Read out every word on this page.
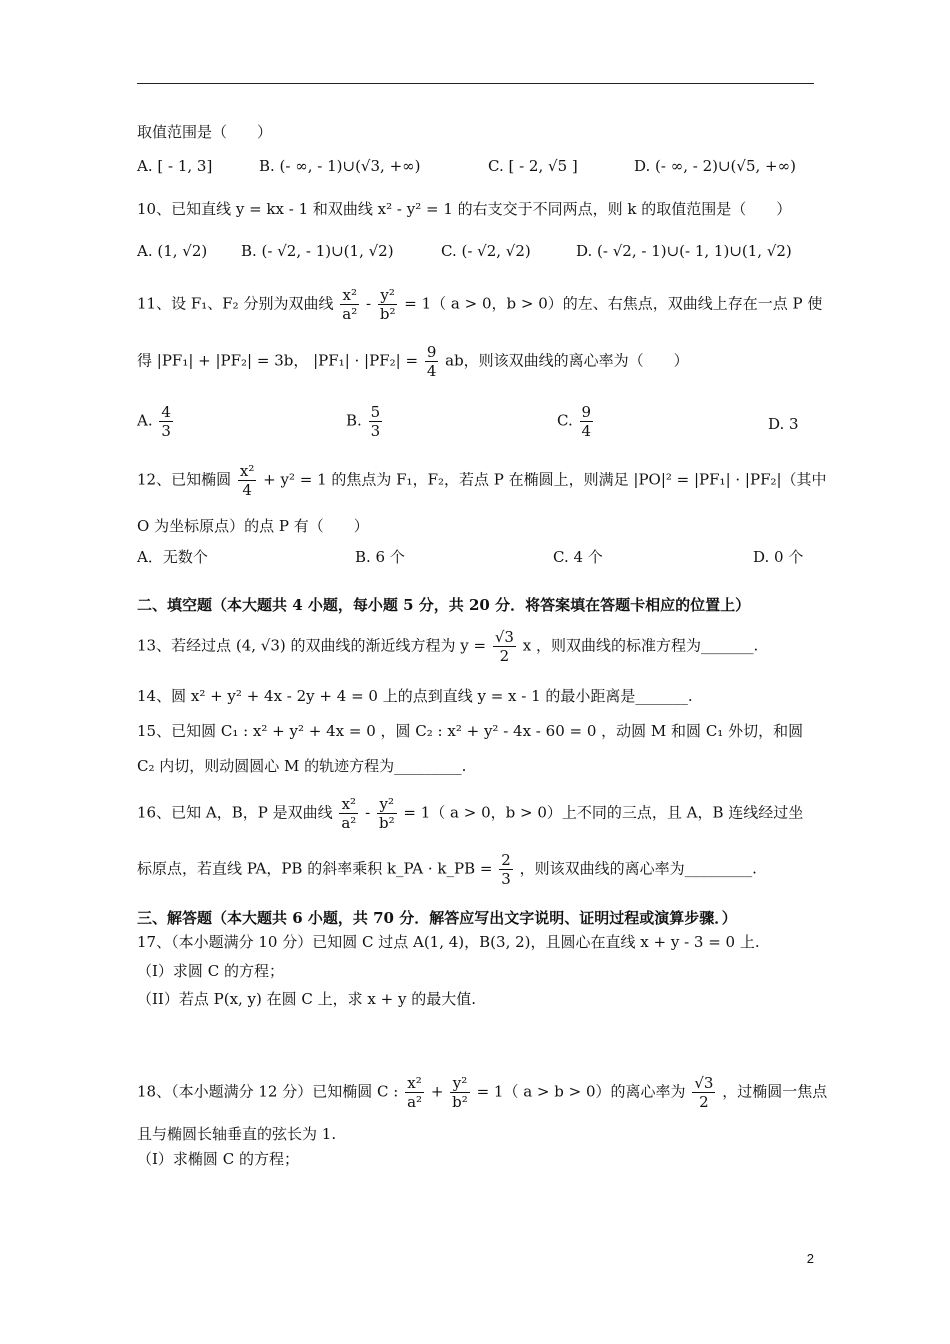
取值范围是（　　）
A. [ - 1, 3]	B. (- ∞, - 1)∪(√3, +∞)	C. [ - 2, √5 ]	D. (- ∞, - 2)∪(√5, +∞)
10、已知直线 y = kx - 1 和双曲线 x² - y² = 1 的右支交于不同两点，则 k 的取值范围是（　　）
A. (1, √2) B. (- √2, - 1)∪(1, √2)	C. (- √2, √2)	D. (- √2, - 1)∪(- 1, 1)∪(1, √2)
11、设 F₁、F₂ 分别为双曲线 $\frac{\text{x²}}{\text{a²}} - \frac{\text{y²}}{\text{b²}} = 1$（ a > 0，b > 0）的左、右焦点，双曲线上存在一点 P 使
得 |PF₁| + |PF₂| = 3b， $|PF_1| \cdot |PF_2| = \frac{9}{4}$ ab，则该双曲线的离心率为（　　）
A. $\frac{4}{3}$	B. $\frac{5}{3}$	C. $\frac{9}{4}$	D. 3
12、已知椭圆 $\frac{\text{x²}}{4} + y^2 = 1$ 的焦点为 F₁，F₂，若点 P 在椭圆上，则满足 |PO|² = |PF₁| · |PF₂|（其中
O 为坐标原点）的点 P 有（　　）
A．无数个	B. 6 个	C. 4 个	D. 0 个
二、填空题（本大题共 4 小题，每小题 5 分，共 20 分．将答案填在答题卡相应的位置上）
13、若经过点 (4, √3) 的双曲线的渐近线方程为 $y = \frac{√3}{2}$ x ，则双曲线的标准方程为_______.
14、圆 x² + y² + 4x - 2y + 4 = 0 上的点到直线 y = x - 1 的最小距离是_______.
15、已知圆 C₁ : x² + y² + 4x = 0 ，圆 C₂ : x² + y² - 4x - 60 = 0 ，动圆 M 和圆 C₁ 外切，和圆
C₂ 内切，则动圆圆心 M 的轨迹方程为_________.
16、已知 A，B，P 是双曲线 $\frac{\text{x²}}{\text{a²}} - \frac{\text{y²}}{\text{b²}} = 1$（ a > 0，b > 0）上不同的三点，且 A，B 连线经过坐
标原点，若直线 PA，PB 的斜率乘积 k_PA · k_PB = $\frac{2}{3}$ ，则该双曲线的离心率为_________.
三、解答题（本大题共 6 小题，共 70 分．解答应写出文字说明、证明过程或演算步骤．）
17、（本小题满分 10 分）已知圆 C 过点 A(1, 4)，B(3, 2)，且圆心在直线 x + y - 3 = 0 上.
（I）求圆 C 的方程；
（II）若点 P(x, y) 在圆 C 上，求 x + y 的最大值.
18、（本小题满分 12 分）已知椭圆 C : $\frac{\text{x²}}{\text{a²}} + \frac{\text{y²}}{\text{b²}} = 1$（ a > b > 0）的离心率为 $\frac{√3}{2}$ ，过椭圆一焦点
且与椭圆长轴垂直的弦长为 1.
（I）求椭圆 C 的方程；
2
